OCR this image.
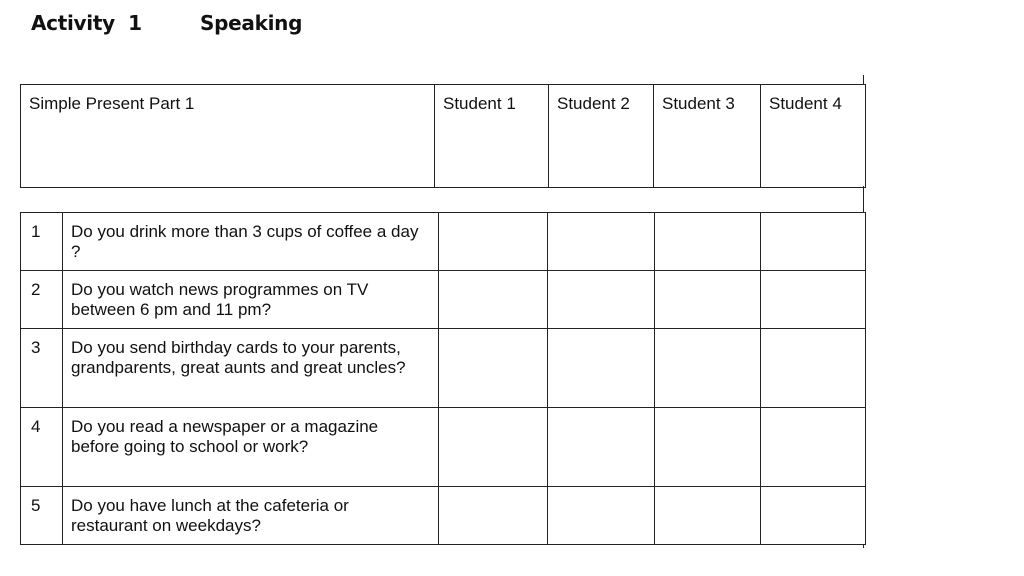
Activity  1	Speaking
Simple Present Part 1	Student 1	Student 2	Student 3	Student 4
1	Do you drink more than 3 cups of coffee a day ?				
2	Do you watch news programmes on TV between 6 pm and 11 pm?				
3	Do you send birthday cards to your parents, grandparents, great aunts and great uncles?				
4	Do you read a newspaper or a magazine before going to school or work?				
5	Do you have lunch at the cafeteria or restaurant on weekdays?				
